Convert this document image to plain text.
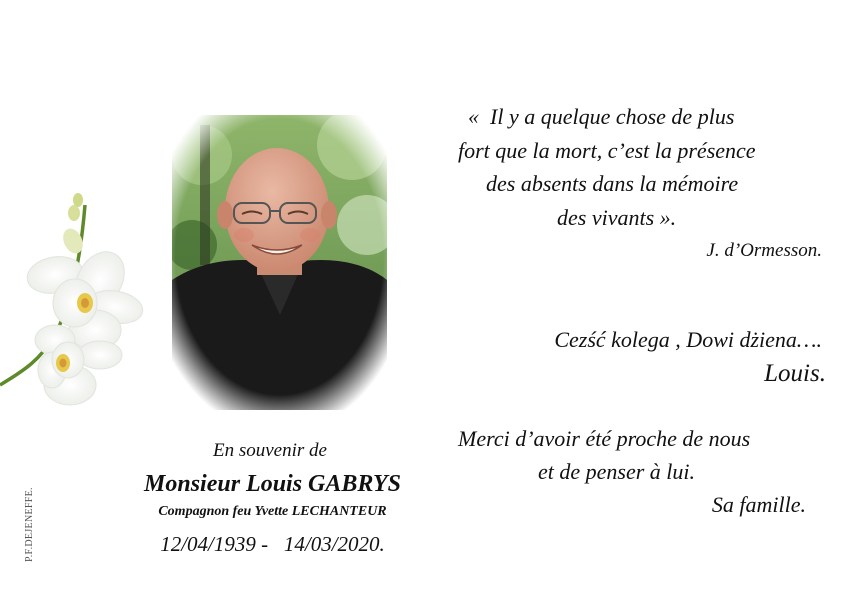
P.F.DEJENEFFE.
En souvenir de
Monsieur Louis GABRYS
Compagnon feu Yvette LECHANTEUR
12/04/1939 -   14/03/2020.
«  Il y a quelque chose de plus
fort que la mort, c’est la présence
des absents dans la mémoire
des vivants ».
J. d’Ormesson.
Cezść kolega , Dowi dżiena….
Louis.
Merci d’avoir été proche de nous
et de penser à lui.
Sa famille.
